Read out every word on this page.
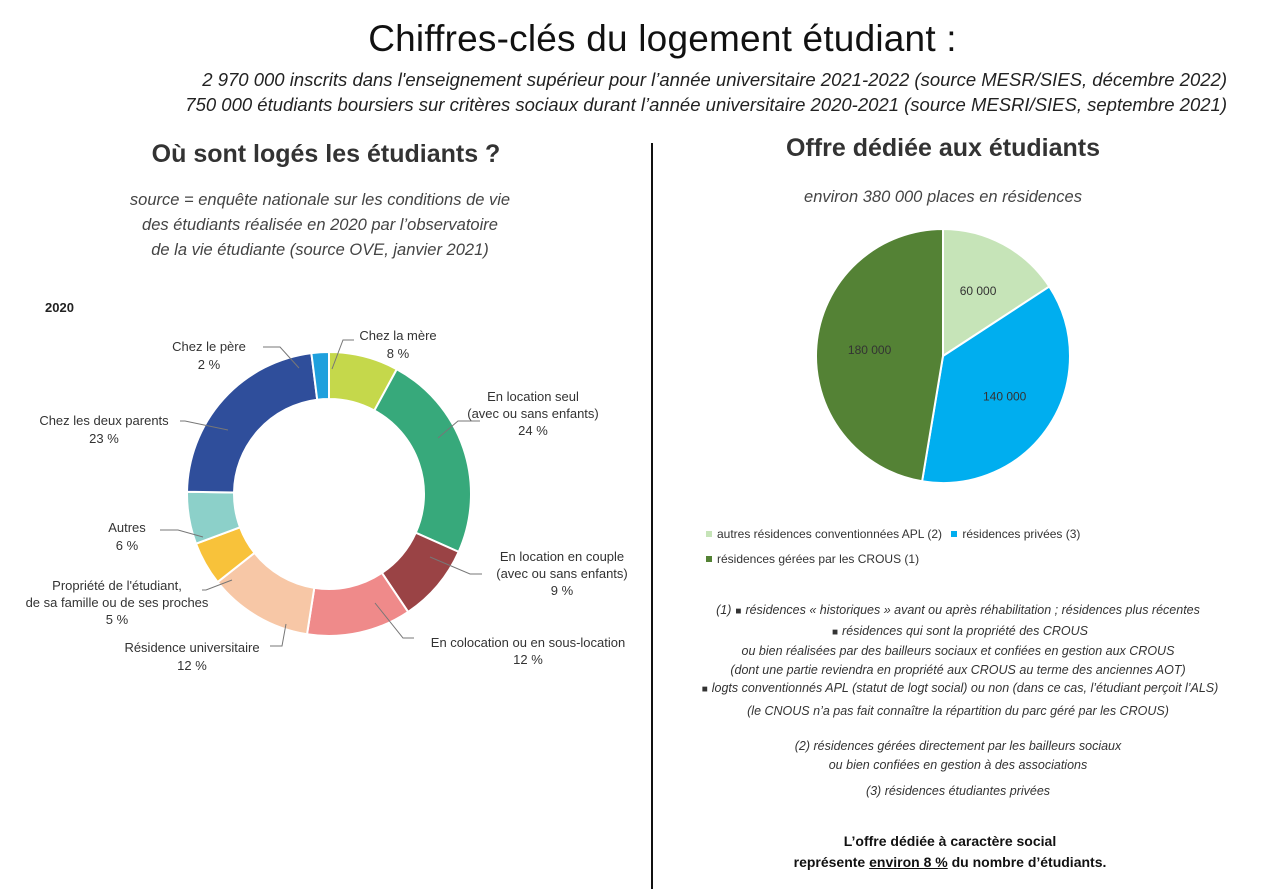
Chiffres-clés du logement étudiant :
2 970 000 inscrits dans l'enseignement supérieur pour l’année universitaire 2021-2022 (source MESR/SIES, décembre 2022)
750 000 étudiants boursiers sur critères sociaux durant l’année universitaire 2020-2021 (source MESRI/SIES, septembre 2021)
Où sont logés les étudiants ?
source = enquête nationale sur les conditions de vie
des étudiants réalisée en 2020 par l’observatoire
de la vie étudiante (source OVE, janvier 2021)
2020
Chez la mère
8 %
En location seul
(avec ou sans enfants)
24 %
En location en couple
(avec ou sans enfants)
9 %
En colocation ou en sous-location
12 %
Résidence universitaire
12 %
Propriété de l'étudiant,
de sa famille ou de ses proches
5 %
Autres
6 %
Chez les deux parents
23 %
Chez le père
2 %
Offre dédiée aux étudiants
environ 380 000 places en résidences
60 000
140 000
180 000
autres résidences conventionnées APL (2) résidences privées (3)
résidences gérées par les CROUS (1)
(1) ■ résidences « historiques » avant ou après réhabilitation ; résidences plus récentes
■ résidences qui sont la propriété des CROUS
ou bien réalisées par des bailleurs sociaux et confiées en gestion aux CROUS
(dont une partie reviendra en propriété aux CROUS au terme des anciennes AOT)
■ logts conventionnés APL (statut de logt social) ou non (dans ce cas, l’étudiant perçoit l’ALS)
(le CNOUS n’a pas fait connaître la répartition du parc géré par les CROUS)
(2) résidences gérées directement par les bailleurs sociaux
ou bien confiées en gestion à des associations
(3) résidences étudiantes privées
L’offre dédiée à caractère social
représente environ 8 % du nombre d’étudiants.
